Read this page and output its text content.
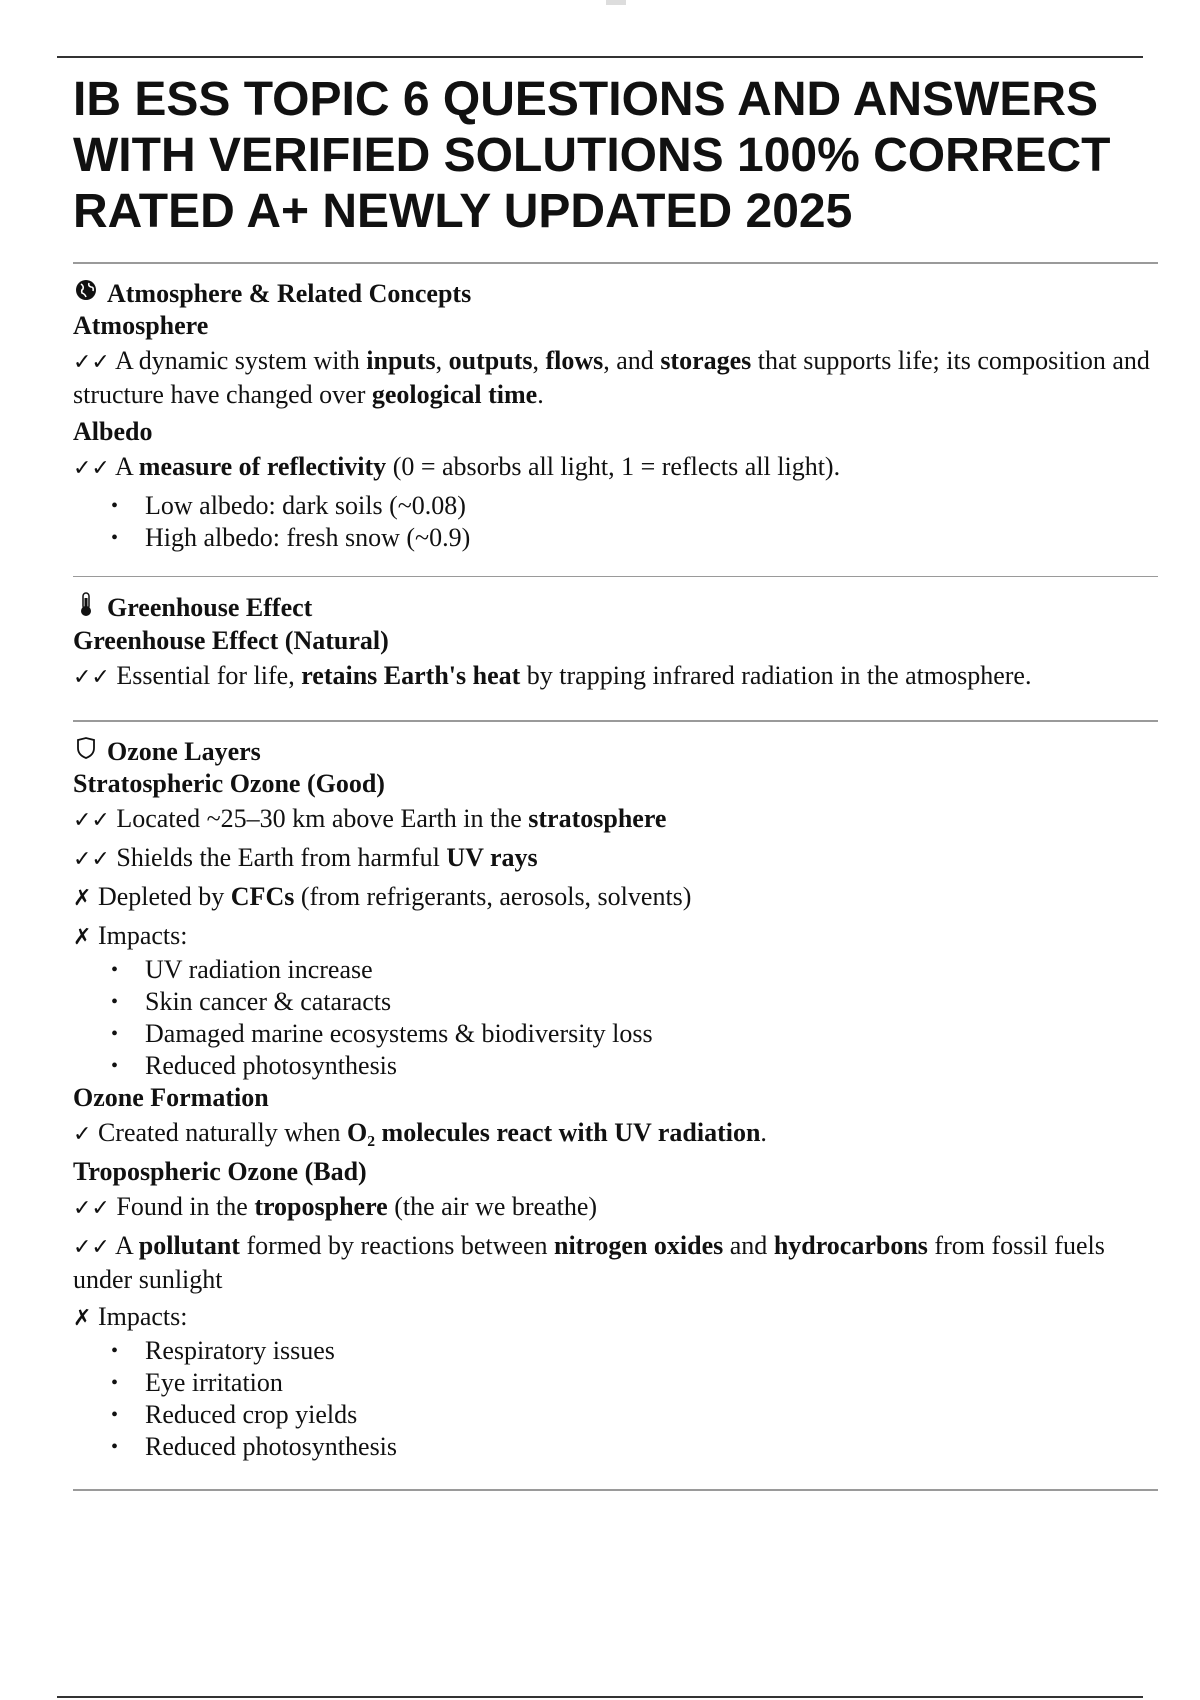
IB ESS TOPIC 6 QUESTIONS AND ANSWERS WITH VERIFIED SOLUTIONS 100% CORRECT RATED A+ NEWLY UPDATED 2025
Atmosphere & Related Concepts
Atmosphere
✓✓ A dynamic system with inputs, outputs, flows, and storages that supports life; its composition and structure have changed over geological time.
Albedo
✓✓ A measure of reflectivity (0 = absorbs all light, 1 = reflects all light).
• Low albedo: dark soils (~0.08)
• High albedo: fresh snow (~0.9)
Greenhouse Effect
Greenhouse Effect (Natural)
✓✓ Essential for life, retains Earth's heat by trapping infrared radiation in the atmosphere.
Ozone Layers
Stratospheric Ozone (Good)
✓✓ Located ~25–30 km above Earth in the stratosphere
✓✓ Shields the Earth from harmful UV rays
✗ Depleted by CFCs (from refrigerants, aerosols, solvents)
✗ Impacts:
• UV radiation increase
• Skin cancer & cataracts
• Damaged marine ecosystems & biodiversity loss
• Reduced photosynthesis
Ozone Formation
✓ Created naturally when O₂ molecules react with UV radiation.
Tropospheric Ozone (Bad)
✓✓ Found in the troposphere (the air we breathe)
✓✓ A pollutant formed by reactions between nitrogen oxides and hydrocarbons from fossil fuels under sunlight
✗ Impacts:
• Respiratory issues
• Eye irritation
• Reduced crop yields
• Reduced photosynthesis
